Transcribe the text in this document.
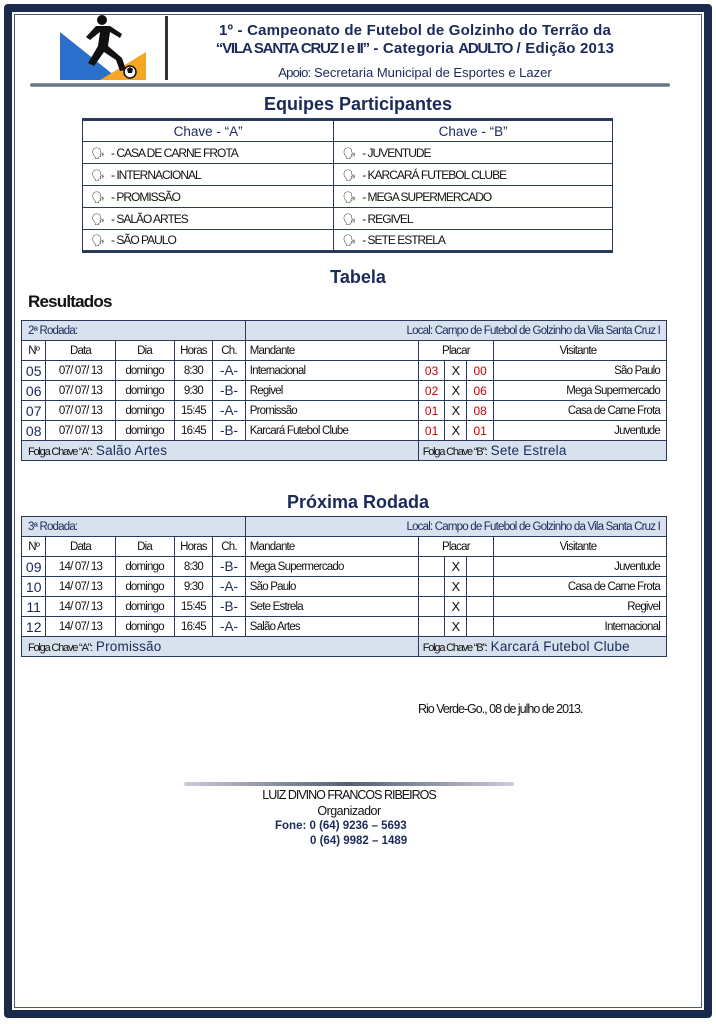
1º - Campeonato de Futebol de Golzinho do Terrão da
“VILA SANTA CRUZ I e II” - Categoria ADULTO / Edição 2013
Apoio: Secretaria Municipal de Esportes e Lazer
Equipes Participantes
Chave - “A”	Chave - “B”
🗣 - CASA DE CARNE FROTA	🗣 - JUVENTUDE
🗣 - INTERNACIONAL	🗣 - KARCARÁ FUTEBOL CLUBE
🗣 - PROMISSÃO	🗣 - MEGA SUPERMERCADO
🗣 - SALÃO ARTES	🗣 - REGIVEL
🗣 - SÃO PAULO	🗣 - SETE ESTRELA
Tabela
Resultados
2ª Rodada:					Local: Campo de Futebol de Golzinho da Vila Santa Cruz I				
Nº	Data	Dia	Horas	Ch.	Mandante	Placar			Visitante
05	07/ 07/ 13	domingo	8:30	-A-	Internacional	03	X	00	São Paulo
06	07/ 07/ 13	domingo	9:30	-B-	Regivel	02	X	06	Mega Supermercado
07	07/ 07/ 13	domingo	15:45	-A-	Promissão	01	X	08	Casa de Carne Frota
08	07/ 07/ 13	domingo	16:45	-B-	Karcará Futebol Clube	01	X	01	Juventude
Folga Chave “A”: Salão Artes						Folga Chave “B”: Sete Estrela			
Próxima Rodada
3ª Rodada:					Local: Campo de Futebol de Golzinho da Vila Santa Cruz I				
Nº	Data	Dia	Horas	Ch.	Mandante	Placar			Visitante
09	14/ 07/ 13	domingo	8:30	-B-	Mega Supermercado		X		Juventude
10	14/ 07/ 13	domingo	9:30	-A-	São Paulo		X		Casa de Carne Frota
11	14/ 07/ 13	domingo	15:45	-B-	Sete Estrela		X		Regivel
12	14/ 07/ 13	domingo	16:45	-A-	Salão Artes		X		Internacional
Folga Chave “A”: Promissão						Folga Chave “B”: Karcará Futebol Clube			
Rio Verde-Go., 08 de julho de 2013.
LUIZ DIVINO FRANCOS RIBEIROS
Organizador
Fone: 0 (64) 9236 – 5693
0 (64) 9982 – 1489
